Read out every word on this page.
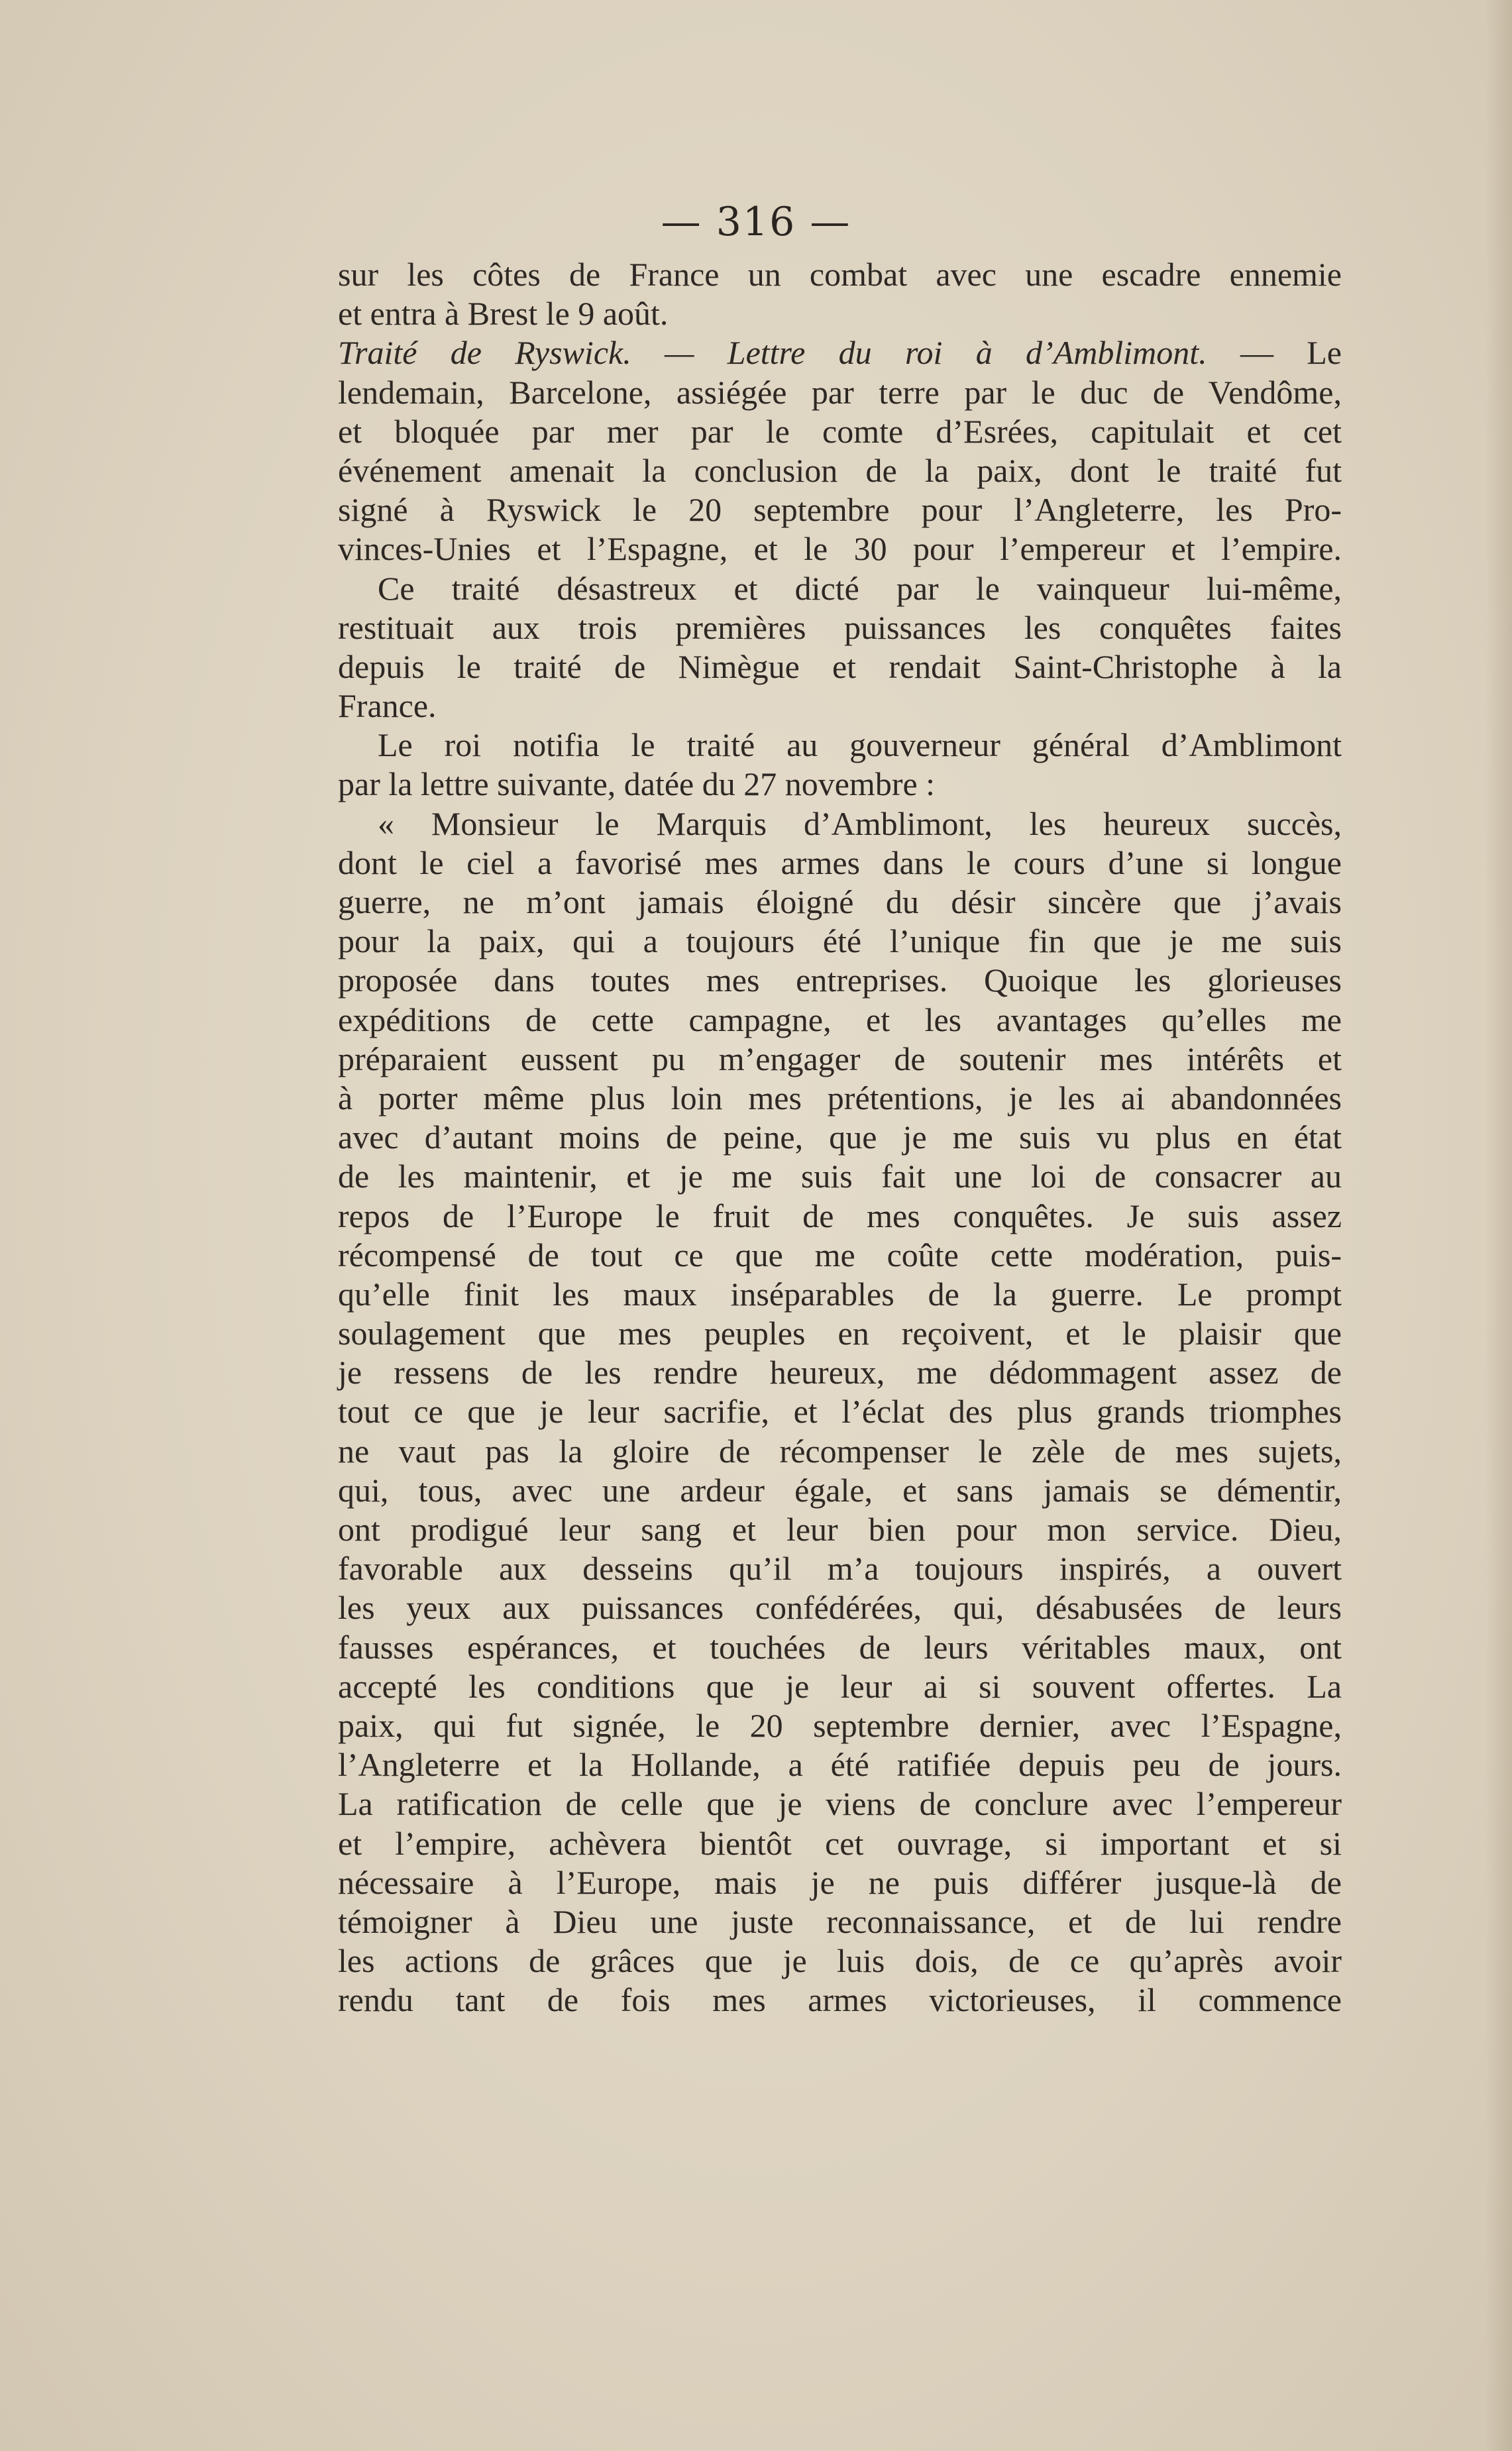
— 316 —
sur les côtes de France un combat avec une escadre ennemie
et entra à Brest le 9 août.
Traité de Ryswick. — Lettre du roi à d’Amblimont. — Le
lendemain, Barcelone, assiégée par terre par le duc de Vendôme,
et bloquée par mer par le comte d’Esrées, capitulait et cet
événement amenait la conclusion de la paix, dont le traité fut
signé à Ryswick le 20 septembre pour l’Angleterre, les Pro-
vinces-Unies et l’Espagne, et le 30 pour l’empereur et l’empire.
Ce traité désastreux et dicté par le vainqueur lui-même,
restituait aux trois premières puissances les conquêtes faites
depuis le traité de Nimègue et rendait Saint-Christophe à la
France.
Le roi notifia le traité au gouverneur général d’Amblimont
par la lettre suivante, datée du 27 novembre :
« Monsieur le Marquis d’Amblimont, les heureux succès,
dont le ciel a favorisé mes armes dans le cours d’une si longue
guerre, ne m’ont jamais éloigné du désir sincère que j’avais
pour la paix, qui a toujours été l’unique fin que je me suis
proposée dans toutes mes entreprises. Quoique les glorieuses
expéditions de cette campagne, et les avantages qu’elles me
préparaient eussent pu m’engager de soutenir mes intérêts et
à porter même plus loin mes prétentions, je les ai abandonnées
avec d’autant moins de peine, que je me suis vu plus en état
de les maintenir, et je me suis fait une loi de consacrer au
repos de l’Europe le fruit de mes conquêtes. Je suis assez
récompensé de tout ce que me coûte cette modération, puis-
qu’elle finit les maux inséparables de la guerre. Le prompt
soulagement que mes peuples en reçoivent, et le plaisir que
je ressens de les rendre heureux, me dédommagent assez de
tout ce que je leur sacrifie, et l’éclat des plus grands triomphes
ne vaut pas la gloire de récompenser le zèle de mes sujets,
qui, tous, avec une ardeur égale, et sans jamais se démentir,
ont prodigué leur sang et leur bien pour mon service. Dieu,
favorable aux desseins qu’il m’a toujours inspirés, a ouvert
les yeux aux puissances confédérées, qui, désabusées de leurs
fausses espérances, et touchées de leurs véritables maux, ont
accepté les conditions que je leur ai si souvent offertes. La
paix, qui fut signée, le 20 septembre dernier, avec l’Espagne,
l’Angleterre et la Hollande, a été ratifiée depuis peu de jours.
La ratification de celle que je viens de conclure avec l’empereur
et l’empire, achèvera bientôt cet ouvrage, si important et si
nécessaire à l’Europe, mais je ne puis différer jusque-là de
témoigner à Dieu une juste reconnaissance, et de lui rendre
les actions de grâces que je luis dois, de ce qu’après avoir
rendu tant de fois mes armes victorieuses, il commence
